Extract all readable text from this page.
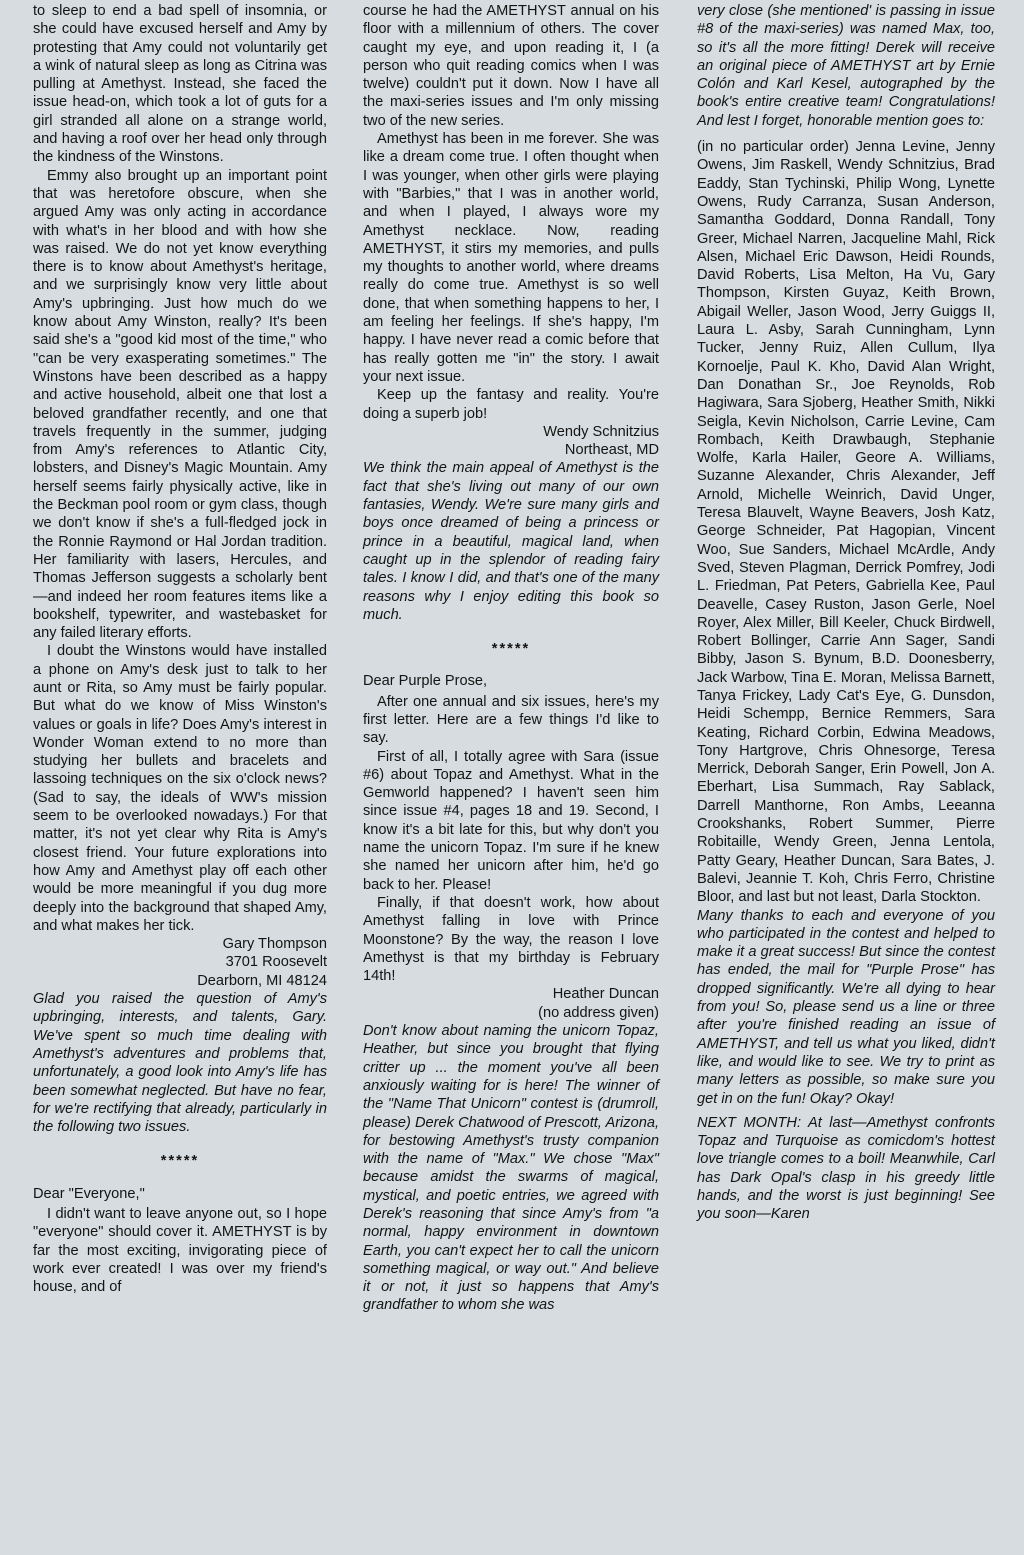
to sleep to end a bad spell of insomnia, or she could have excused herself and Amy by protesting that Amy could not voluntarily get a wink of natural sleep as long as Citrina was pulling at Amethyst. Instead, she faced the issue head-on, which took a lot of guts for a girl stranded all alone on a strange world, and having a roof over her head only through the kindness of the Winstons.

Emmy also brought up an important point that was heretofore obscure, when she argued Amy was only acting in accordance with what's in her blood and with how she was raised. We do not yet know everything there is to know about Amethyst's heritage, and we surprisingly know very little about Amy's upbringing. Just how much do we know about Amy Winston, really? It's been said she's a "good kid most of the time," who "can be very exasperating sometimes." The Winstons have been described as a happy and active household, albeit one that lost a beloved grandfather recently, and one that travels frequently in the summer, judging from Amy's references to Atlantic City, lobsters, and Disney's Magic Mountain. Amy herself seems fairly physically active, like in the Beckman pool room or gym class, though we don't know if she's a full-fledged jock in the Ronnie Raymond or Hal Jordan tradition. Her familiarity with lasers, Hercules, and Thomas Jefferson suggests a scholarly bent—and indeed her room features items like a bookshelf, typewriter, and wastebasket for any failed literary efforts.

I doubt the Winstons would have installed a phone on Amy's desk just to talk to her aunt or Rita, so Amy must be fairly popular. But what do we know of Miss Winston's values or goals in life? Does Amy's interest in Wonder Woman extend to no more than studying her bullets and bracelets and lassoing techniques on the six o'clock news? (Sad to say, the ideals of WW's mission seem to be overlooked nowadays.) For that matter, it's not yet clear why Rita is Amy's closest friend. Your future explorations into how Amy and Amethyst play off each other would be more meaningful if you dug more deeply into the background that shaped Amy, and what makes her tick.

Gary Thompson

3701 Roosevelt

Dearborn, MI 48124

Glad you raised the question of Amy's upbringing, interests, and talents, Gary. We've spent so much time dealing with Amethyst's adventures and problems that, unfortunately, a good look into Amy's life has been somewhat neglected. But have no fear, for we're rectifying that already, particularly in the following two issues.

*****

Dear "Everyone,"

I didn't want to leave anyone out, so I hope "everyone" should cover it. AMETHYST is by far the most exciting, invigorating piece of work ever created! I was over my friend's house, and of

course he had the AMETHYST annual on his floor with a millennium of others. The cover caught my eye, and upon reading it, I (a person who quit reading comics when I was twelve) couldn't put it down. Now I have all the maxi-series issues and I'm only missing two of the new series.

Amethyst has been in me forever. She was like a dream come true. I often thought when I was younger, when other girls were playing with "Barbies," that I was in another world, and when I played, I always wore my Amethyst necklace. Now, reading AMETHYST, it stirs my memories, and pulls my thoughts to another world, where dreams really do come true. Amethyst is so well done, that when something happens to her, I am feeling her feelings. If she's happy, I'm happy. I have never read a comic before that has really gotten me "in" the story. I await your next issue.

Keep up the fantasy and reality. You're doing a superb job!

Wendy Schnitzius

Northeast, MD

We think the main appeal of Amethyst is the fact that she's living out many of our own fantasies, Wendy. We're sure many girls and boys once dreamed of being a princess or prince in a beautiful, magical land, when caught up in the splendor of reading fairy tales. I know I did, and that's one of the many reasons why I enjoy editing this book so much.

*****

Dear Purple Prose,

After one annual and six issues, here's my first letter. Here are a few things I'd like to say.

First of all, I totally agree with Sara (issue #6) about Topaz and Amethyst. What in the Gemworld happened? I haven't seen him since issue #4, pages 18 and 19. Second, I know it's a bit late for this, but why don't you name the unicorn Topaz. I'm sure if he knew she named her unicorn after him, he'd go back to her. Please!

Finally, if that doesn't work, how about Amethyst falling in love with Prince Moonstone? By the way, the reason I love Amethyst is that my birthday is February 14th!

Heather Duncan

(no address given)

Don't know about naming the unicorn Topaz, Heather, but since you brought that flying critter up ... the moment you've all been anxiously waiting for is here! The winner of the "Name That Unicorn" contest is (drumroll, please) Derek Chatwood of Prescott, Arizona, for bestowing Amethyst's trusty companion with the name of "Max." We chose "Max" because amidst the swarms of magical, mystical, and poetic entries, we agreed with Derek's reasoning that since Amy's from "a normal, happy environment in downtown Earth, you can't expect her to call the unicorn something magical, or way out." And believe it or not, it just so happens that Amy's grandfather to whom she was

very close (she mentioned' is passing in issue #8 of the maxi-series) was named Max, too, so it's all the more fitting! Derek will receive an original piece of AMETHYST art by Ernie Colón and Karl Kesel, autographed by the book's entire creative team! Congratulations! And lest I forget, honorable mention goes to:

(in no particular order) Jenna Levine, Jenny Owens, Jim Raskell, Wendy Schnitzius, Brad Eaddy, Stan Tychinski, Philip Wong, Lynette Owens, Rudy Carranza, Susan Anderson, Samantha Goddard, Donna Randall, Tony Greer, Michael Narren, Jacqueline Mahl, Rick Alsen, Michael Eric Dawson, Heidi Rounds, David Roberts, Lisa Melton, Ha Vu, Gary Thompson, Kirsten Guyaz, Keith Brown, Abigail Weller, Jason Wood, Jerry Guiggs II, Laura L. Asby, Sarah Cunningham, Lynn Tucker, Jenny Ruiz, Allen Cullum, Ilya Kornoelje, Paul K. Kho, David Alan Wright, Dan Donathan Sr., Joe Reynolds, Rob Hagiwara, Sara Sjoberg, Heather Smith, Nikki Seigla, Kevin Nicholson, Carrie Levine, Cam Rombach, Keith Drawbaugh, Stephanie Wolfe, Karla Hailer, Geore A. Williams, Suzanne Alexander, Chris Alexander, Jeff Arnold, Michelle Weinrich, David Unger, Teresa Blauvelt, Wayne Beavers, Josh Katz, George Schneider, Pat Hagopian, Vincent Woo, Sue Sanders, Michael McArdle, Andy Sved, Steven Plagman, Derrick Pomfrey, Jodi L. Friedman, Pat Peters, Gabriella Kee, Paul Deavelle, Casey Ruston, Jason Gerle, Noel Royer, Alex Miller, Bill Keeler, Chuck Birdwell, Robert Bollinger, Carrie Ann Sager, Sandi Bibby, Jason S. Bynum, B.D. Doonesberry, Jack Warbow, Tina E. Moran, Melissa Barnett, Tanya Frickey, Lady Cat's Eye, G. Dunsdon, Heidi Schempp, Bernice Remmers, Sara Keating, Richard Corbin, Edwina Meadows, Tony Hartgrove, Chris Ohnesorge, Teresa Merrick, Deborah Sanger, Erin Powell, Jon A. Eberhart, Lisa Summach, Ray Sablack, Darrell Manthorne, Ron Ambs, Leeanna Crookshanks, Robert Summer, Pierre Robitaille, Wendy Green, Jenna Lentola, Patty Geary, Heather Duncan, Sara Bates, J. Balevi, Jeannie T. Koh, Chris Ferro, Christine Bloor, and last but not least, Darla Stockton.

Many thanks to each and everyone of you who participated in the contest and helped to make it a great success! But since the contest has ended, the mail for "Purple Prose" has dropped significantly. We're all dying to hear from you! So, please send us a line or three after you're finished reading an issue of AMETHYST, and tell us what you liked, didn't like, and would like to see. We try to print as many letters as possible, so make sure you get in on the fun! Okay? Okay!

NEXT MONTH: At last—Amethyst confronts Topaz and Turquoise as comicdom's hottest love triangle comes to a boil! Meanwhile, Carl has Dark Opal's clasp in his greedy little hands, and the worst is just beginning! See you soon—Karen
